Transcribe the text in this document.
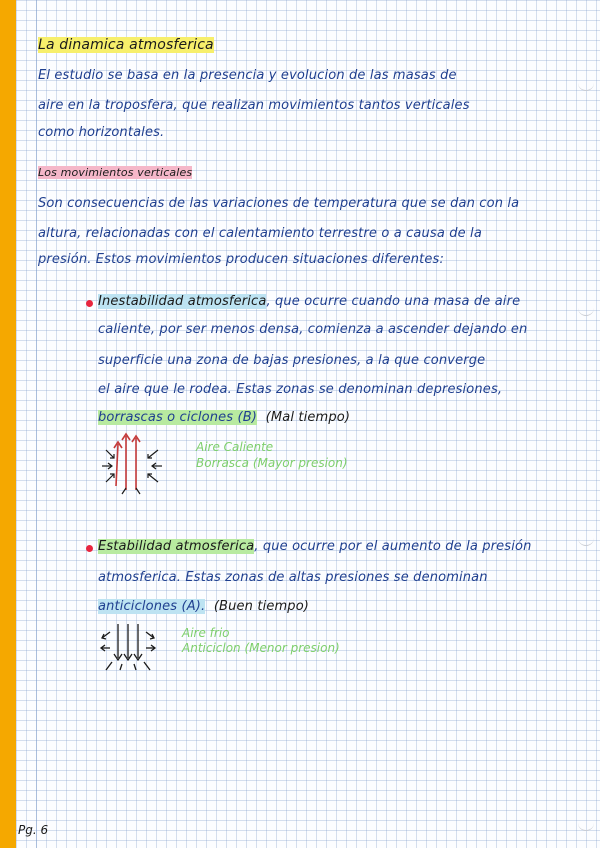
La dinamica atmosferica

El estudio se basa en la presencia y evolucion de las masas de

aire en la troposfera, que realizan movimientos tantos verticales

como horizontales.

Los movimientos verticales

Son consecuencias de las variaciones de temperatura que se dan con la

altura, relacionadas con el calentamiento terrestre o a causa de la

presión. Estos movimientos producen situaciones diferentes:

Inestabilidad atmosferica, que ocurre cuando una masa de aire

caliente, por ser menos densa, comienza a ascender dejando en

superficie una zona de bajas presiones, a la que converge

el aire que le rodea. Estas zonas se denominan depresiones,

borrascas o ciclones (B) (Mal tiempo)

Aire Caliente

Borrasca (Mayor presion)

Estabilidad atmosferica, que ocurre por el aumento de la presión

atmosferica. Estas zonas de altas presiones se denominan

anticiclones (A). (Buen tiempo)

Aire frio

Anticiclon (Menor presion)

Pg. 6
